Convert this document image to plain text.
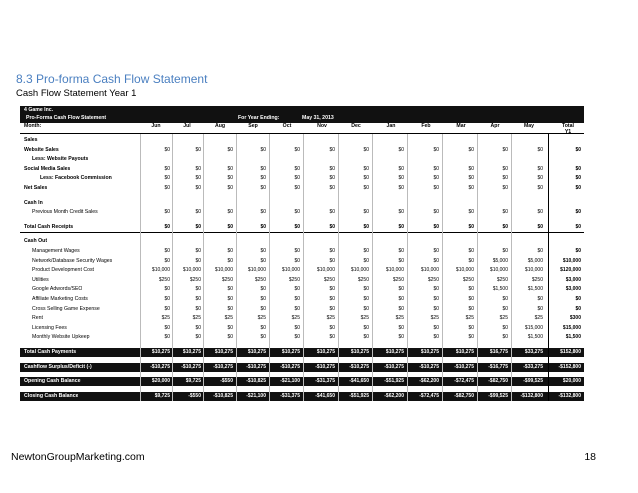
8.3 Pro-forma Cash Flow Statement
Cash Flow Statement Year 1
4 Game Inc.
Pro-Forma Cash Flow Statement	For Year Ending:	May 31, 2013
Month:	Jun	Jul	Aug	Sep	Oct	Nov	Dec	Jan	Feb	Mar	Apr	May	Total
Y1
Sales
Website Sales	$0	$0	$0	$0	$0	$0	$0	$0	$0	$0	$0	$0	$0
Less: Website Payouts
Social Media Sales	$0	$0	$0	$0	$0	$0	$0	$0	$0	$0	$0	$0	$0
Less: Facebook Commission	$0	$0	$0	$0	$0	$0	$0	$0	$0	$0	$0	$0	$0
Net Sales	$0	$0	$0	$0	$0	$0	$0	$0	$0	$0	$0	$0	$0
Cash In
Previous Month Credit Sales	$0	$0	$0	$0	$0	$0	$0	$0	$0	$0	$0	$0	$0
Total Cash Receipts	$0	$0	$0	$0	$0	$0	$0	$0	$0	$0	$0	$0	$0
Cash Out
Management Wages	$0	$0	$0	$0	$0	$0	$0	$0	$0	$0	$0	$0	$0
Network/Database Security Wages	$0	$0	$0	$0	$0	$0	$0	$0	$0	$0	$5,000	$5,000	$10,000
Product Development Cost	$10,000	$10,000	$10,000	$10,000	$10,000	$10,000	$10,000	$10,000	$10,000	$10,000	$10,000	$10,000	$120,000
Utilities	$250	$250	$250	$250	$250	$250	$250	$250	$250	$250	$250	$250	$3,000
Google Adwords/SEO	$0	$0	$0	$0	$0	$0	$0	$0	$0	$0	$1,500	$1,500	$3,000
Affiliate Marketing Costs	$0	$0	$0	$0	$0	$0	$0	$0	$0	$0	$0	$0	$0
Cross Selling Game Expense	$0	$0	$0	$0	$0	$0	$0	$0	$0	$0	$0	$0	$0
Rent	$25	$25	$25	$25	$25	$25	$25	$25	$25	$25	$25	$25	$300
Licensing Fees	$0	$0	$0	$0	$0	$0	$0	$0	$0	$0	$0	$15,000	$15,000
Monthly Website Upkeep	$0	$0	$0	$0	$0	$0	$0	$0	$0	$0	$0	$1,500	$1,500
Total Cash Payments	$10,275	$10,275	$10,275	$10,275	$10,275	$10,275	$10,275	$10,275	$10,275	$10,275	$16,775	$33,275	$152,800
Cashflow Surplus/Deficit (-)	-$10,275	-$10,275	-$10,275	-$10,275	-$10,275	-$10,275	-$10,275	-$10,275	-$10,275	-$10,275	-$16,775	-$33,275	-$152,800
Opening Cash Balance	$20,000	$9,725	-$550	-$10,825	-$21,100	-$31,375	-$41,650	-$51,925	-$62,200	-$72,475	-$82,750	-$99,525	$20,000
Closing Cash Balance	$9,725	-$550	-$10,825	-$21,100	-$31,375	-$41,650	-$51,925	-$62,200	-$72,475	-$82,750	-$99,525	-$132,800	-$132,800
NewtonGroupMarketing.com	18
